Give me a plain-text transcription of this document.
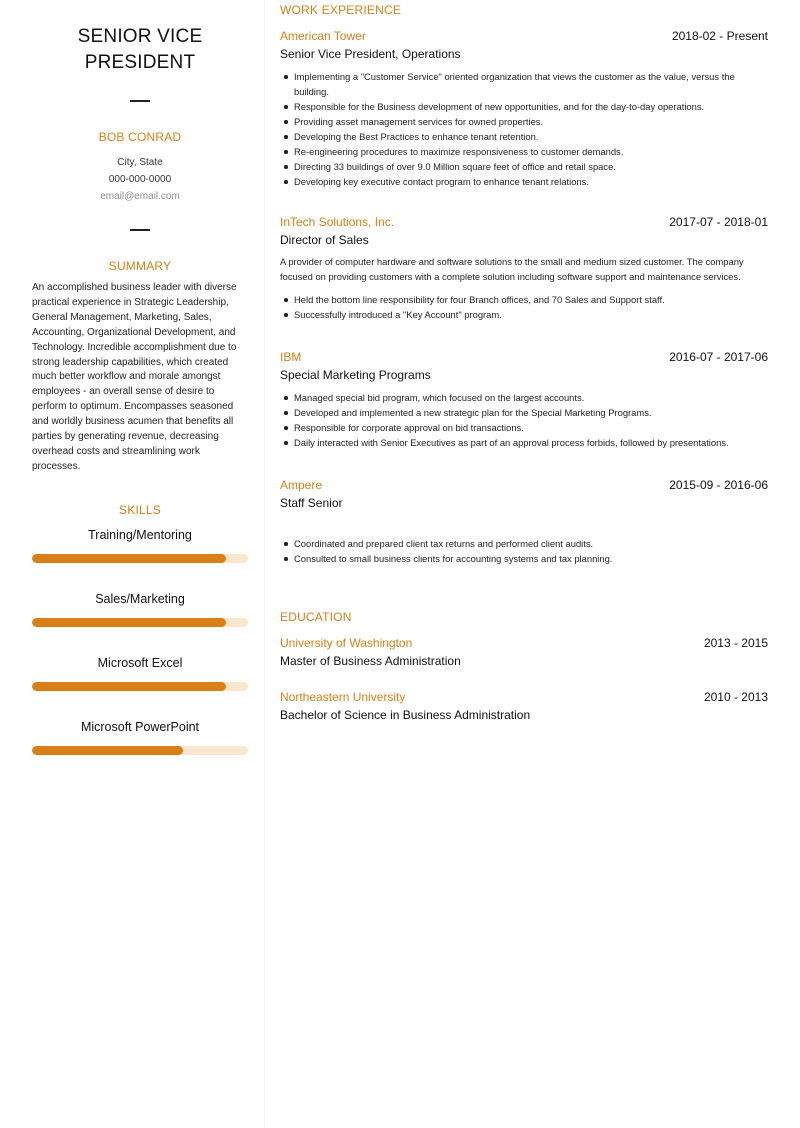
SENIOR VICE
PRESIDENT
BOB CONRAD
City, State
000-000-0000
email@email.com
SUMMARY
An accomplished business leader with diverse practical experience in Strategic Leadership, General Management, Marketing, Sales, Accounting, Organizational Development, and Technology. Incredible accomplishment due to strong leadership capabilities, which created much better workflow and morale amongst employees - an overall sense of desire to perform to optimum. Encompasses seasoned and worldly business acumen that benefits all parties by generating revenue, decreasing overhead costs and streamlining work processes.
SKILLS
Training/Mentoring
Sales/Marketing
Microsoft Excel
Microsoft PowerPoint
WORK EXPERIENCE
American Tower	2018-02 - Present
Senior Vice President, Operations
Implementing a "Customer Service" oriented organization that views the customer as the value, versus the building.
Responsible for the Business development of new opportunities, and for the day-to-day operations.
Providing asset management services for owned properties.
Developing the Best Practices to enhance tenant retention.
Re-engineering procedures to maximize responsiveness to customer demands.
Directing 33 buildings of over 9.0 Million square feet of office and retail space.
Developing key executive contact program to enhance tenant relations.
InTech Solutions, Inc.	2017-07 - 2018-01
Director of Sales
A provider of computer hardware and software solutions to the small and medium sized customer. The company focused on providing customers with a complete solution including software support and maintenance services.
Held the bottom line responsibility for four Branch offices, and 70 Sales and Support staff.
Successfully introduced a "Key Account" program.
IBM	2016-07 - 2017-06
Special Marketing Programs
Managed special bid program, which focused on the largest accounts.
Developed and implemented a new strategic plan for the Special Marketing Programs.
Responsible for corporate approval on bid transactions.
Daily interacted with Senior Executives as part of an approval process forbids, followed by presentations.
Ampere	2015-09 - 2016-06
Staff Senior
Coordinated and prepared client tax returns and performed client audits.
Consulted to small business clients for accounting systems and tax planning.
EDUCATION
University of Washington	2013 - 2015
Master of Business Administration
Northeastern University	2010 - 2013
Bachelor of Science in Business Administration
